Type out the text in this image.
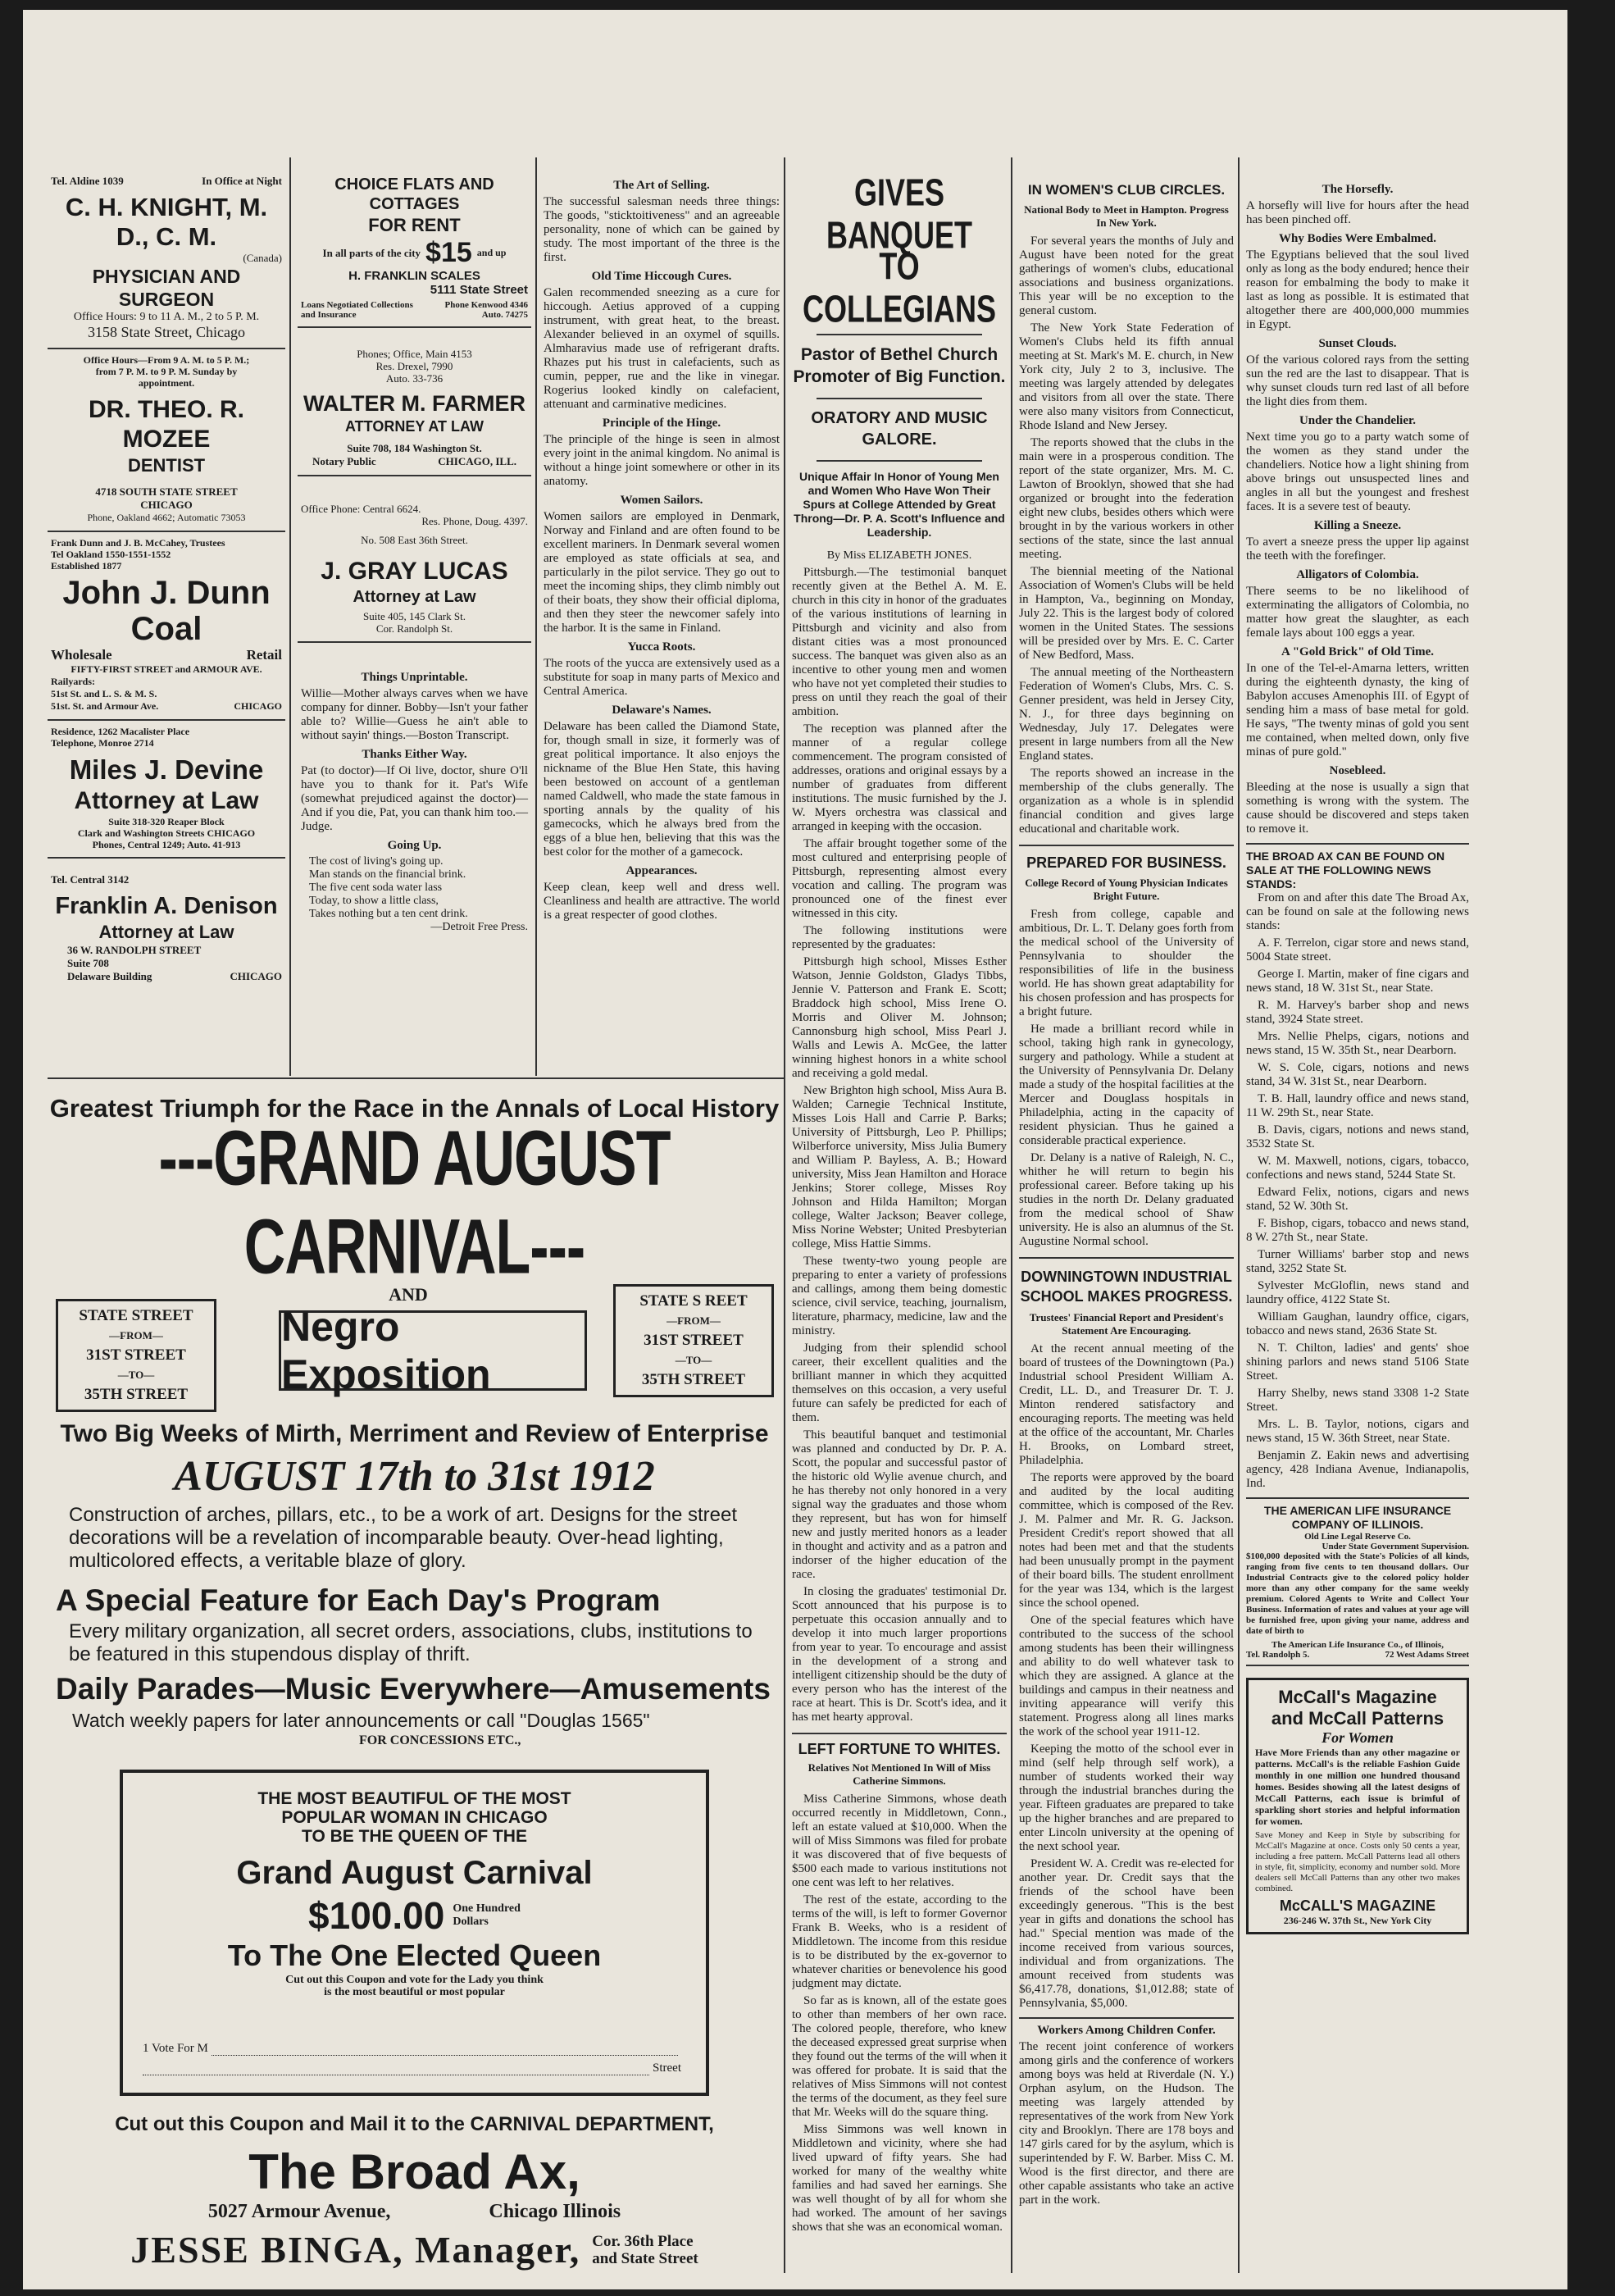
Tel. Aldine 1039	In Office at Night
C. H. KNIGHT, M. D., C. M.
(Canada)
PHYSICIAN AND SURGEON
Office Hours: 9 to 11 A. M., 2 to 5 P. M.
3158 State Street, Chicago
Office Hours—From 9 A. M. to 5 P. M.;
from 7 P. M. to 9 P. M. Sunday by
appointment.
DR. THEO. R. MOZEE
DENTIST
4718 SOUTH STATE STREET
CHICAGO
Phone, Oakland 4662; Automatic 73053
Frank Dunn and J. B. McCahey, Trustees
Tel Oakland 1550-1551-1552
Established 1877
John J. Dunn
Coal
Wholesale	Retail
FIFTY-FIRST STREET and ARMOUR AVE.
Railyards:
51st St. and L. S. & M. S.
51st. St. and Armour Ave.	CHICAGO
Residence, 1262 Macalister Place
Telephone, Monroe 2714
Miles J. Devine
Attorney at Law
Suite 318-320 Reaper Block
Clark and Washington Streets CHICAGO
Phones, Central 1249; Auto. 41-913
Tel. Central 3142
Franklin A. Denison
Attorney at Law
36 W. RANDOLPH STREET
Suite 708
Delaware Building	CHICAGO
CHOICE FLATS AND COTTAGES
FOR RENT
In all parts of the city $15 and up
H. FRANKLIN SCALES
5111 State Street
Loans Negotiated Collections and Insurance
Phone Kenwood 4346
Auto. 74275
Phones; Office, Main 4153
Res. Drexel, 7990
Auto. 33-736
WALTER M. FARMER
ATTORNEY AT LAW
Suite 708, 184 Washington St.
Notary Public	CHICAGO, ILL.
Office Phone: Central 6624.
Res. Phone, Doug. 4397.
No. 508 East 36th Street.
J. GRAY LUCAS
Attorney at Law
Suite 405, 145 Clark St.
Cor. Randolph St.
Things Unprintable.

Willie—Mother always carves when we have company for dinner. Bobby—Isn't your father able to? Willie—Guess he ain't able to without sayin' things.—Boston Transcript.

Thanks Either Way.

Pat (to doctor)—If Oi live, doctor, shure O'll have you to thank for it. Pat's Wife (somewhat prejudiced against the doctor)—And if you die, Pat, you can thank him too.—Judge.

Going Up.
The cost of living's going up.
Man stands on the financial brink.
The five cent soda water lass
Today, to show a little class,
Takes nothing but a ten cent drink.
—Detroit Free Press.
The Art of Selling.

The successful salesman needs three things: The goods, "sticktoitiveness" and an agreeable personality, none of which can be gained by study. The most important of the three is the first.

Old Time Hiccough Cures.

Galen recommended sneezing as a cure for hiccough. Aetius approved of a cupping instrument, with great heat, to the breast. Alexander believed in an oxymel of squills. Almharavius made use of refrigerant drafts. Rhazes put his trust in calefacients, such as cumin, pepper, rue and the like in vinegar. Rogerius looked kindly on calefacient, attenuant and carminative medicines.

Principle of the Hinge.

The principle of the hinge is seen in almost every joint in the animal kingdom. No animal is without a hinge joint somewhere or other in its anatomy.

Women Sailors.

Women sailors are employed in Denmark, Norway and Finland and are often found to be excellent mariners. In Denmark several women are employed as state officials at sea, and particularly in the pilot service. They go out to meet the incoming ships, they climb nimbly out of their boats, they show their official diploma, and then they steer the newcomer safely into the harbor. It is the same in Finland.

Yucca Roots.

The roots of the yucca are extensively used as a substitute for soap in many parts of Mexico and Central America.

Delaware's Names.

Delaware has been called the Diamond State, for, though small in size, it formerly was of great political importance. It also enjoys the nickname of the Blue Hen State, this having been bestowed on account of a gentleman named Caldwell, who made the state famous in sporting annals by the quality of his gamecocks, which he always bred from the eggs of a blue hen, believing that this was the best color for the mother of a gamecock.

Appearances.

Keep clean, keep well and dress well. Cleanliness and health are attractive. The world is a great respecter of good clothes.

Greatest Triumph for the Race in the Annals of Local History
---GRAND AUGUST CARNIVAL---
STATE STREET
—FROM—
31ST STREET
—TO—
35TH STREET
AND
Negro Exposition
STATE S REET
—FROM—
31ST STREET
—TO—
35TH STREET
Two Big Weeks of Mirth, Merriment and Review of Enterprise
AUGUST 17th to 31st 1912
Construction of arches, pillars, etc., to be a work of art. Designs for the street decorations will be a revelation of incomparable beauty. Over-head lighting, multicolored effects, a veritable blaze of glory.
A Special Feature for Each Day's Program
Every military organization, all secret orders, associations, clubs, institutions to be featured in this stupendous display of thrift.
Daily Parades—Music Everywhere—Amusements
Watch weekly papers for later announcements or call "Douglas 1565"
FOR CONCESSIONS ETC.,
THE MOST BEAUTIFUL OF THE MOST
POPULAR WOMAN IN CHICAGO
TO BE THE QUEEN OF THE
Grand August Carnival
$100.00 One Hundred
Dollars
To The One Elected Queen
Cut out this Coupon and vote for the Lady you think
is the most beautiful or most popular
1 Vote For M
Street
Cut out this Coupon and Mail it to the CARNIVAL DEPARTMENT,
The Broad Ax,
5027 Armour Avenue,	Chicago Illinois
JESSE BINGA, Manager, Cor. 36th Place
and State Street
GIVES BANQUET
TO COLLEGIANS
Pastor of Bethel Church Promoter of Big Function.
ORATORY AND MUSIC GALORE.
Unique Affair In Honor of Young Men and Women Who Have Won Their Spurs at College Attended by Great Throng—Dr. P. A. Scott's Influence and Leadership.
By Miss ELIZABETH JONES.

Pittsburgh.—The testimonial banquet recently given at the Bethel A. M. E. church in this city in honor of the graduates of the various institutions of learning in Pittsburgh and vicinity and also from distant cities was a most pronounced success. The banquet was given also as an incentive to other young men and women who have not yet completed their studies to press on until they reach the goal of their ambition.

The reception was planned after the manner of a regular college commencement. The program consisted of addresses, orations and original essays by a number of graduates from different institutions. The music furnished by the J. W. Myers orchestra was classical and arranged in keeping with the occasion.

The affair brought together some of the most cultured and enterprising people of Pittsburgh, representing almost every vocation and calling. The program was pronounced one of the finest ever witnessed in this city.

The following institutions were represented by the graduates:

Pittsburgh high school, Misses Esther Watson, Jennie Goldston, Gladys Tibbs, Jennie V. Patterson and Frank E. Scott; Braddock high school, Miss Irene O. Morris and Oliver M. Johnson; Cannonsburg high school, Miss Pearl J. Walls and Lewis A. McGee, the latter winning highest honors in a white school and receiving a gold medal.

New Brighton high school, Miss Aura B. Walden; Carnegie Technical Institute, Misses Lois Hall and Carrie P. Barks; University of Pittsburgh, Leo P. Phillips; Wilberforce university, Miss Julia Bumery and William P. Bayless, A. B.; Howard university, Miss Jean Hamilton and Horace Jenkins; Storer college, Misses Roy Johnson and Hilda Hamilton; Morgan college, Walter Jackson; Beaver college, Miss Norine Webster; United Presbyterian college, Miss Hattie Simms.

These twenty-two young people are preparing to enter a variety of professions and callings, among them being domestic science, civil service, teaching, journalism, literature, pharmacy, medicine, law and the ministry.

Judging from their splendid school career, their excellent qualities and the brilliant manner in which they acquitted themselves on this occasion, a very useful future can safely be predicted for each of them.

This beautiful banquet and testimonial was planned and conducted by Dr. P. A. Scott, the popular and successful pastor of the historic old Wylie avenue church, and he has thereby not only honored in a very signal way the graduates and those whom they represent, but has won for himself new and justly merited honors as a leader in thought and activity and as a patron and indorser of the higher education of the race.

In closing the graduates' testimonial Dr. Scott announced that his purpose is to perpetuate this occasion annually and to develop it into much larger proportions from year to year. To encourage and assist in the development of a strong and intelligent citizenship should be the duty of every person who has the interest of the race at heart. This is Dr. Scott's idea, and it has met hearty approval.

LEFT FORTUNE TO WHITES.
Relatives Not Mentioned In Will of Miss Catherine Simmons.

Miss Catherine Simmons, whose death occurred recently in Middletown, Conn., left an estate valued at $10,000. When the will of Miss Simmons was filed for probate it was discovered that of five bequests of $500 each made to various institutions not one cent was left to her relatives.

The rest of the estate, according to the terms of the will, is left to former Governor Frank B. Weeks, who is a resident of Middletown. The income from this residue is to be distributed by the ex-governor to whatever charities or benevolence his good judgment may dictate.

So far as is known, all of the estate goes to other than members of her own race. The colored people, therefore, who knew the deceased expressed great surprise when they found out the terms of the will when it was offered for probate. It is said that the relatives of Miss Simmons will not contest the terms of the document, as they feel sure that Mr. Weeks will do the square thing.

Miss Simmons was well known in Middletown and vicinity, where she had lived upward of fifty years. She had worked for many of the wealthy white families and had saved her earnings. She was well thought of by all for whom she had worked. The amount of her savings shows that she was an economical woman.

IN WOMEN'S CLUB CIRCLES.
National Body to Meet in Hampton. Progress In New York.

For several years the months of July and August have been noted for the great gatherings of women's clubs, educational associations and business organizations. This year will be no exception to the general custom.

The New York State Federation of Women's Clubs held its fifth annual meeting at St. Mark's M. E. church, in New York city, July 2 to 3, inclusive. The meeting was largely attended by delegates and visitors from all over the state. There were also many visitors from Connecticut, Rhode Island and New Jersey.

The reports showed that the clubs in the main were in a prosperous condition. The report of the state organizer, Mrs. M. C. Lawton of Brooklyn, showed that she had organized or brought into the federation eight new clubs, besides others which were brought in by the various workers in other sections of the state, since the last annual meeting.

The biennial meeting of the National Association of Women's Clubs will be held in Hampton, Va., beginning on Monday, July 22. This is the largest body of colored women in the United States. The sessions will be presided over by Mrs. E. C. Carter of New Bedford, Mass.

The annual meeting of the Northeastern Federation of Women's Clubs, Mrs. C. S. Genner president, was held in Jersey City, N. J., for three days beginning on Wednesday, July 17. Delegates were present in large numbers from all the New England states.

The reports showed an increase in the membership of the clubs generally. The organization as a whole is in splendid financial condition and gives large educational and charitable work.

PREPARED FOR BUSINESS.
College Record of Young Physician Indicates Bright Future.

Fresh from college, capable and ambitious, Dr. L. T. Delany goes forth from the medical school of the University of Pennsylvania to shoulder the responsibilities of life in the business world. He has shown great adaptability for his chosen profession and has prospects for a bright future.

He made a brilliant record while in school, taking high rank in gynecology, surgery and pathology. While a student at the University of Pennsylvania Dr. Delany made a study of the hospital facilities at the Mercer and Douglass hospitals in Philadelphia, acting in the capacity of resident physician. Thus he gained a considerable practical experience.

Dr. Delany is a native of Raleigh, N. C., whither he will return to begin his professional career. Before taking up his studies in the north Dr. Delany graduated from the medical school of Shaw university. He is also an alumnus of the St. Augustine Normal school.

DOWNINGTOWN INDUSTRIAL
SCHOOL MAKES PROGRESS.
Trustees' Financial Report and President's Statement Are Encouraging.

At the recent annual meeting of the board of trustees of the Downingtown (Pa.) Industrial school President William A. Credit, LL. D., and Treasurer Dr. T. J. Minton rendered satisfactory and encouraging reports. The meeting was held at the office of the accountant, Mr. Charles H. Brooks, on Lombard street, Philadelphia.

The reports were approved by the board and audited by the local auditing committee, which is composed of the Rev. J. M. Palmer and Mr. R. G. Jackson. President Credit's report showed that all notes had been met and that the students had been unusually prompt in the payment of their board bills. The student enrollment for the year was 134, which is the largest since the school opened.

One of the special features which have contributed to the success of the school among students has been their willingness and ability to do well whatever task to which they are assigned. A glance at the buildings and campus in their neatness and inviting appearance will verify this statement. Progress along all lines marks the work of the school year 1911-12.

Keeping the motto of the school ever in mind (self help through self work), a number of students worked their way through the industrial branches during the year. Fifteen graduates are prepared to take up the higher branches and are prepared to enter Lincoln university at the opening of the next school year.

President W. A. Credit was re-elected for another year. Dr. Credit says that the friends of the school have been exceedingly generous. "This is the best year in gifts and donations the school has had." Special mention was made of the income received from various sources, individual and from organizations. The amount received from students was $6,417.78, donations, $1,012.88; state of Pennsylvania, $5,000.

Workers Among Children Confer.

The recent joint conference of workers among girls and the conference of workers among boys was held at Riverdale (N. Y.) Orphan asylum, on the Hudson. The meeting was largely attended by representatives of the work from New York city and Brooklyn. There are 178 boys and 147 girls cared for by the asylum, which is superintended by F. W. Barber. Miss C. M. Wood is the first director, and there are other capable assistants who take an active part in the work.

The Horsefly.

A horsefly will live for hours after the head has been pinched off.

Why Bodies Were Embalmed.

The Egyptians believed that the soul lived only as long as the body endured; hence their reason for embalming the body to make it last as long as possible. It is estimated that altogether there are 400,000,000 mummies in Egypt.

Sunset Clouds.

Of the various colored rays from the setting sun the red are the last to disappear. That is why sunset clouds turn red last of all before the light dies from them.

Under the Chandelier.

Next time you go to a party watch some of the women as they stand under the chandeliers. Notice how a light shining from above brings out unsuspected lines and angles in all but the youngest and freshest faces. It is a severe test of beauty.

Killing a Sneeze.

To avert a sneeze press the upper lip against the teeth with the forefinger.

Alligators of Colombia.

There seems to be no likelihood of exterminating the alligators of Colombia, no matter how great the slaughter, as each female lays about 100 eggs a year.

A "Gold Brick" of Old Time.

In one of the Tel-el-Amarna letters, written during the eighteenth dynasty, the king of Babylon accuses Amenophis III. of Egypt of sending him a mass of base metal for gold. He says, "The twenty minas of gold you sent me contained, when melted down, only five minas of pure gold."

Nosebleed.

Bleeding at the nose is usually a sign that something is wrong with the system. The cause should be discovered and steps taken to remove it.

THE BROAD AX CAN BE FOUND ON SALE AT THE FOLLOWING NEWS STANDS:

From on and after this date The Broad Ax, can be found on sale at the following news stands:

A. F. Terrelon, cigar store and news stand, 5004 State street.

George I. Martin, maker of fine cigars and news stand, 18 W. 31st St., near State.

R. M. Harvey's barber shop and news stand, 3924 State street.

Mrs. Nellie Phelps, cigars, notions and news stand, 15 W. 35th St., near Dearborn.

W. S. Cole, cigars, notions and news stand, 34 W. 31st St., near Dearborn.

T. B. Hall, laundry office and news stand, 11 W. 29th St., near State.

B. Davis, cigars, notions and news stand, 3532 State St.

W. M. Maxwell, notions, cigars, tobacco, confections and news stand, 5244 State St.

Edward Felix, notions, cigars and news stand, 52 W. 30th St.

F. Bishop, cigars, tobacco and news stand, 8 W. 27th St., near State.

Turner Williams' barber stop and news stand, 3252 State St.

Sylvester McGloflin, news stand and laundry office, 4122 State St.

William Gaughan, laundry office, cigars, tobacco and news stand, 2636 State St.

N. T. Chilton, ladies' and gents' shoe shining parlors and news stand 5106 State Street.

Harry Shelby, news stand 3308 1-2 State Street.

Mrs. L. B. Taylor, notions, cigars and news stand, 15 W. 36th Street, near State.

Benjamin Z. Eakin news and advertising agency, 428 Indiana Avenue, Indianapolis, Ind.

THE AMERICAN LIFE INSURANCE COMPANY OF ILLINOIS.
Old Line Legal Reserve Co.
Under State Government Supervision.

$100,000 deposited with the State's Policies of all kinds, ranging from five cents to ten thousand dollars. Our Industrial Contracts give to the colored policy holder more than any other company for the same weekly premium. Colored Agents to Write and Collect Your Business. Information of rates and values at your age will be furnished free, upon giving your name, address and date of birth to

The American Life Insurance Co., of Illinois,
Tel. Randolph 5.	72 West Adams Street
McCall's Magazine
and McCall Patterns
For Women

Have More Friends than any other magazine or patterns. McCall's is the reliable Fashion Guide monthly in one million one hundred thousand homes. Besides showing all the latest designs of McCall Patterns, each issue is brimful of sparkling short stories and helpful information for women.

Save Money and Keep in Style by subscribing for McCall's Magazine at once. Costs only 50 cents a year, including a free pattern. McCall Patterns lead all others in style, fit, simplicity, economy and number sold. More dealers sell McCall Patterns than any other two makes combined.

McCALL'S MAGAZINE
236-246 W. 37th St., New York City
